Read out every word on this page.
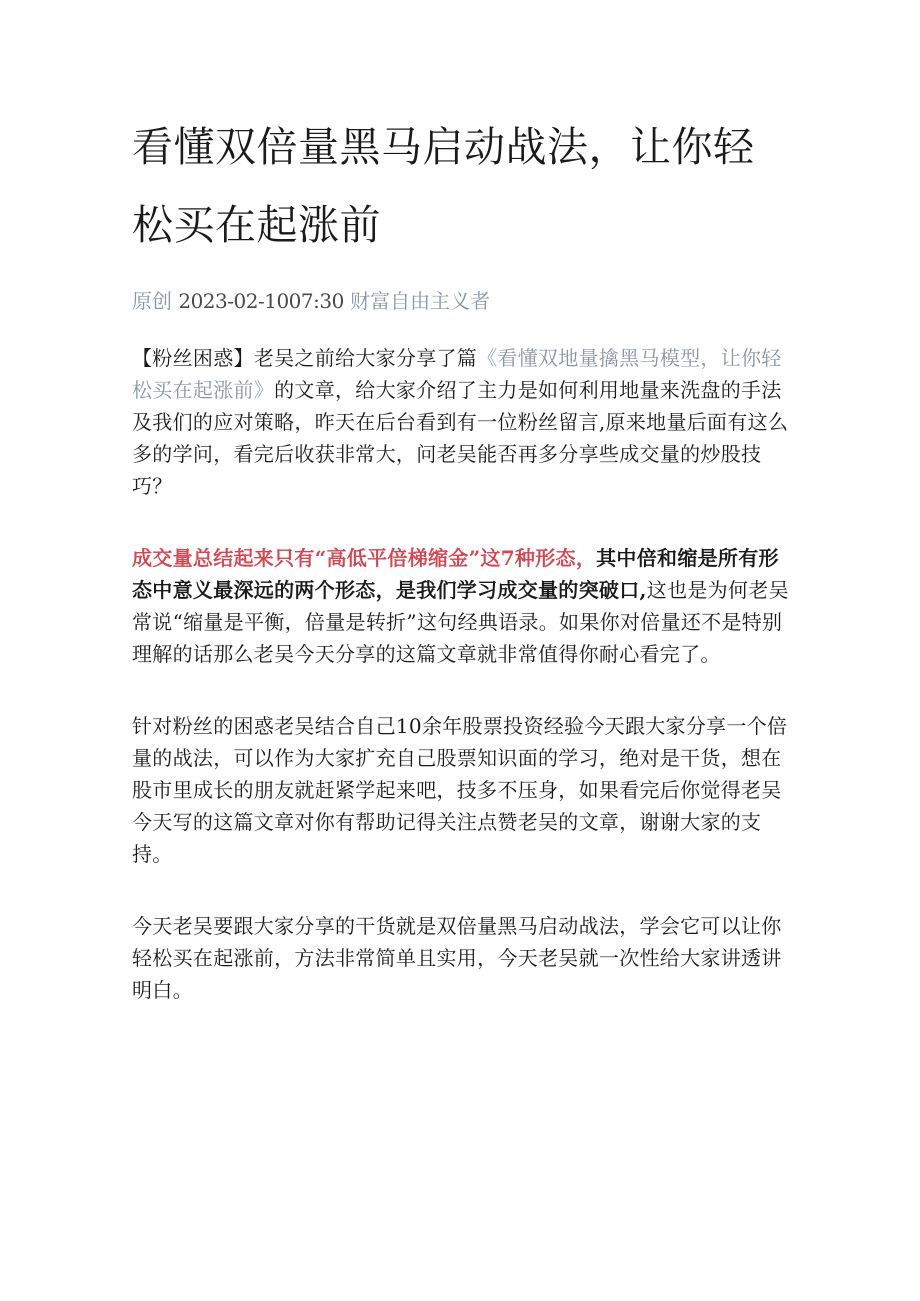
看懂双倍量黑马启动战法，让你轻松买在起涨前
原创 2023-02-1007:30 财富自由主义者

【粉丝困惑】老吴之前给大家分享了篇《看懂双地量擒黑马模型，让你轻松买在起涨前》的文章，给大家介绍了主力是如何利用地量来洗盘的手法及我们的应对策略，昨天在后台看到有一位粉丝留言,原来地量后面有这么多的学问，看完后收获非常大，问老吴能否再多分享些成交量的炒股技巧？

成交量总结起来只有“高低平倍梯缩金”这7种形态，其中倍和缩是所有形态中意义最深远的两个形态，是我们学习成交量的突破口,这也是为何老吴常说“缩量是平衡，倍量是转折”这句经典语录。如果你对倍量还不是特别理解的话那么老吴今天分享的这篇文章就非常值得你耐心看完了。

针对粉丝的困惑老吴结合自己10余年股票投资经验今天跟大家分享一个倍量的战法，可以作为大家扩充自己股票知识面的学习，绝对是干货，想在股市里成长的朋友就赶紧学起来吧，技多不压身，如果看完后你觉得老吴今天写的这篇文章对你有帮助记得关注点赞老吴的文章，谢谢大家的支持。

今天老吴要跟大家分享的干货就是双倍量黑马启动战法，学会它可以让你轻松买在起涨前，方法非常简单且实用，今天老吴就一次性给大家讲透讲明白。
